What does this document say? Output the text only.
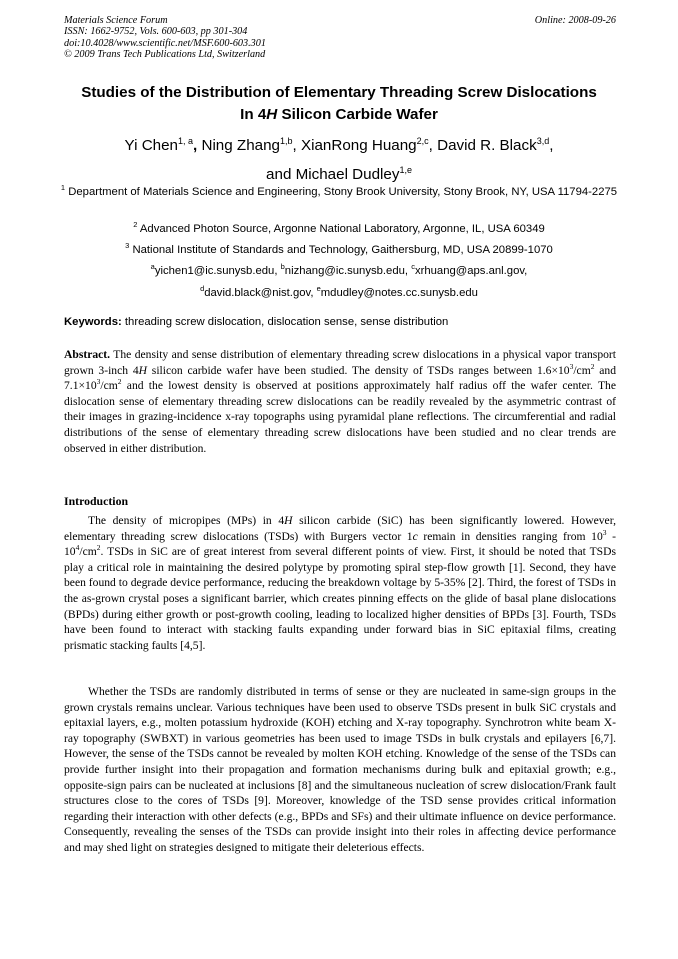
Materials Science Forum
ISSN: 1662-9752, Vols. 600-603, pp 301-304
doi:10.4028/www.scientific.net/MSF.600-603.301
© 2009 Trans Tech Publications Ltd, Switzerland
Online: 2008-09-26
Studies of the Distribution of Elementary Threading Screw Dislocations
In 4H Silicon Carbide Wafer
Yi Chen$^{1, a}$, Ning Zhang$^{1,b}$, XianRong Huang$^{2,c}$, David R. Black$^{3,d}$,
and Michael Dudley$^{1,e}$
$^1$ Department of Materials Science and Engineering, Stony Brook University, Stony Brook, NY, USA 11794-2275
$^2$ Advanced Photon Source, Argonne National Laboratory, Argonne, IL, USA 60349
$^3$ National Institute of Standards and Technology, Gaithersburg, MD, USA 20899-1070
$^a$yichen1@ic.sunysb.edu, $^b$nizhang@ic.sunysb.edu, $^c$xrhuang@aps.anl.gov,
$^d$david.black@nist.gov, $^e$mdudley@notes.cc.sunysb.edu
Keywords: threading screw dislocation, dislocation sense, sense distribution

Abstract. The density and sense distribution of elementary threading screw dislocations in a physical vapor transport grown 3-inch 4H silicon carbide wafer have been studied. The density of TSDs ranges between $1.6\times 10^3/cm^2$ and $7.1\times 10^3/cm^2$ and the lowest density is observed at positions approximately half radius off the wafer center. The dislocation sense of elementary threading screw dislocations can be readily revealed by the asymmetric contrast of their images in grazing-incidence x-ray topographs using pyramidal plane reflections. The circumferential and radial distributions of the sense of elementary threading screw dislocations have been studied and no clear trends are observed in either distribution.

Introduction

The density of micropipes (MPs) in 4H silicon carbide (SiC) has been significantly lowered. However, elementary threading screw dislocations (TSDs) with Burgers vector 1c remain in densities ranging from $10^3 - 10^4/cm^2$. TSDs in SiC are of great interest from several different points of view. First, it should be noted that TSDs play a critical role in maintaining the desired polytype by promoting spiral step-flow growth [1]. Second, they have been found to degrade device performance, reducing the breakdown voltage by 5-35% [2]. Third, the forest of TSDs in the as-grown crystal poses a significant barrier, which creates pinning effects on the glide of basal plane dislocations (BPDs) during either growth or post-growth cooling, leading to localized higher densities of BPDs [3]. Fourth, TSDs have been found to interact with stacking faults expanding under forward bias in SiC epitaxial films, creating prismatic stacking faults [4,5].

Whether the TSDs are randomly distributed in terms of sense or they are nucleated in same-sign groups in the grown crystals remains unclear. Various techniques have been used to observe TSDs present in bulk SiC crystals and epitaxial layers, e.g., molten potassium hydroxide (KOH) etching and X-ray topography. Synchrotron white beam X-ray topography (SWBXT) in various geometries has been used to image TSDs in bulk crystals and epilayers [6,7]. However, the sense of the TSDs cannot be revealed by molten KOH etching. Knowledge of the sense of the TSDs can provide further insight into their propagation and formation mechanisms during bulk and epitaxial growth; e.g., opposite-sign pairs can be nucleated at inclusions [8] and the simultaneous nucleation of screw dislocation/Frank fault structures close to the cores of TSDs [9]. Moreover, knowledge of the TSD sense provides critical information regarding their interaction with other defects (e.g., BPDs and SFs) and their ultimate influence on device performance. Consequently, revealing the senses of the TSDs can provide insight into their roles in affecting device performance and may shed light on strategies designed to mitigate their deleterious effects.
